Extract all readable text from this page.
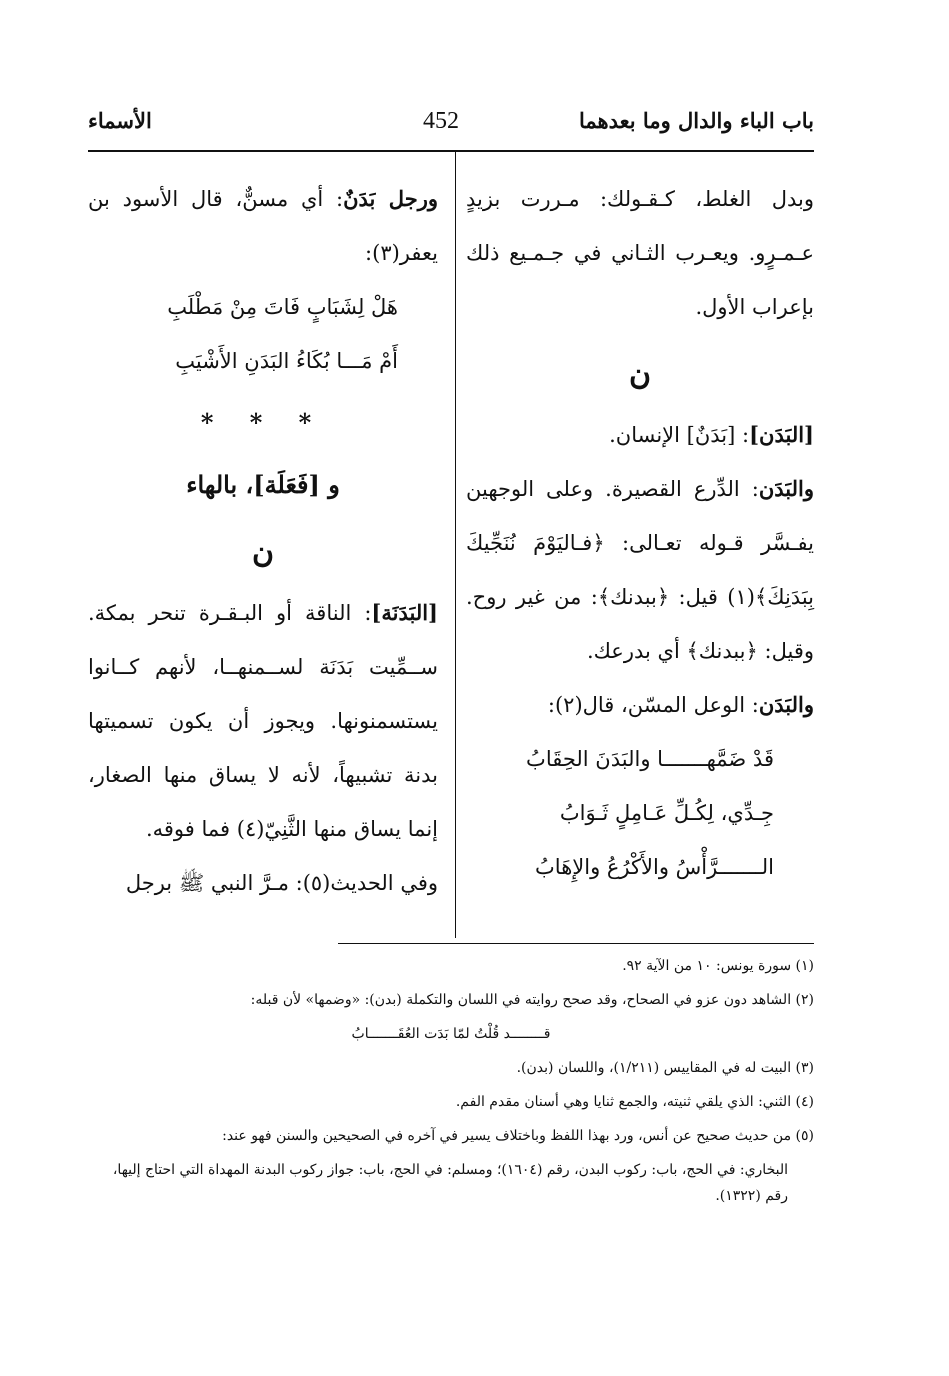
باب الباء والدال وما بعدهما
452
الأسماء

وبدل الغلط، كـقـولك: مـررت بزيدٍ عـمـرٍو. ويعـرب الثـاني في جـمـيع ذلك بإعراب الأول.

ن

[البَدَن]: [بَدَنٌ] الإنسان.

والبَدَن: الدِّرع القصيرة. وعلى الوجهين يفـسَّر قـوله تعـالى: ﴿فـاليَوْمَ نُنَجِّيكَ بِبَدَنِكَ﴾(١) قيل: ﴿ببدنك﴾: من غير روح. وقيل: ﴿ببدنك﴾ أي بدرعك.

والبَدَن: الوعل المسّن، قال(٢):

قَدْ ضَمَّهـــــــا والبَدَنَ الحِقَابُ

جِـدِّي، لِكُـلِّ عَـامِلٍ ثَـوَابُ

الـــــــرَّأْسُ والأَكْرُعُ والإِهَابُ

ورجل بَدَنٌ: أي مسنٌّ، قال الأسود بن يعفر(٣):

هَلْ لِشَبَابٍ فَاتَ مِنْ مَطْلَبِ

أَمْ مَـــا بُكَاءُ البَدَنِ الأَشْيَبِ

* * *
و [فَعَلَة]، بالهاء
ن

[البَدَنَة]: الناقة أو البـقـرة تنحر بمكة. ســمِّيت بَدَنَة لســمنهــا، لأنهم كــانوا يستسمنونها. ويجوز أن يكون تسميتها بدنة تشبيهاً، لأنه لا يساق منها الصغار، إنما يساق منها الثَّنِيّ(٤) فما فوقه.

وفي الحديث(٥): مـرَّ النبي ﷺ برجل

(١) سورة يونس: ١٠ من الآية ٩٢.

(٢) الشاهد دون عزو في الصحاح، وقد صحح روايته في اللسان والتكملة (بدن): «وضمها» لأن قبله:

قــــــــد قُلْتُ لمّا بَدَت العُقَـــــــابُ

(٣) البيت له في المقاييس (١/٢١١)، واللسان (بدن).

(٤) الثني: الذي يلقي ثنيته، والجمع ثنايا وهي أسنان مقدم الفم.

(٥) من حديث صحيح عن أنس، ورد بهذا اللفظ وباختلاف يسير في آخره في الصحيحين والسنن فهو عند:

البخاري: في الحج، باب: ركوب البدن، رقم (١٦٠٤)؛ ومسلم: في الحج، باب: جواز ركوب البدنة المهداة التي احتاج إليها، رقم (١٣٢٢).
